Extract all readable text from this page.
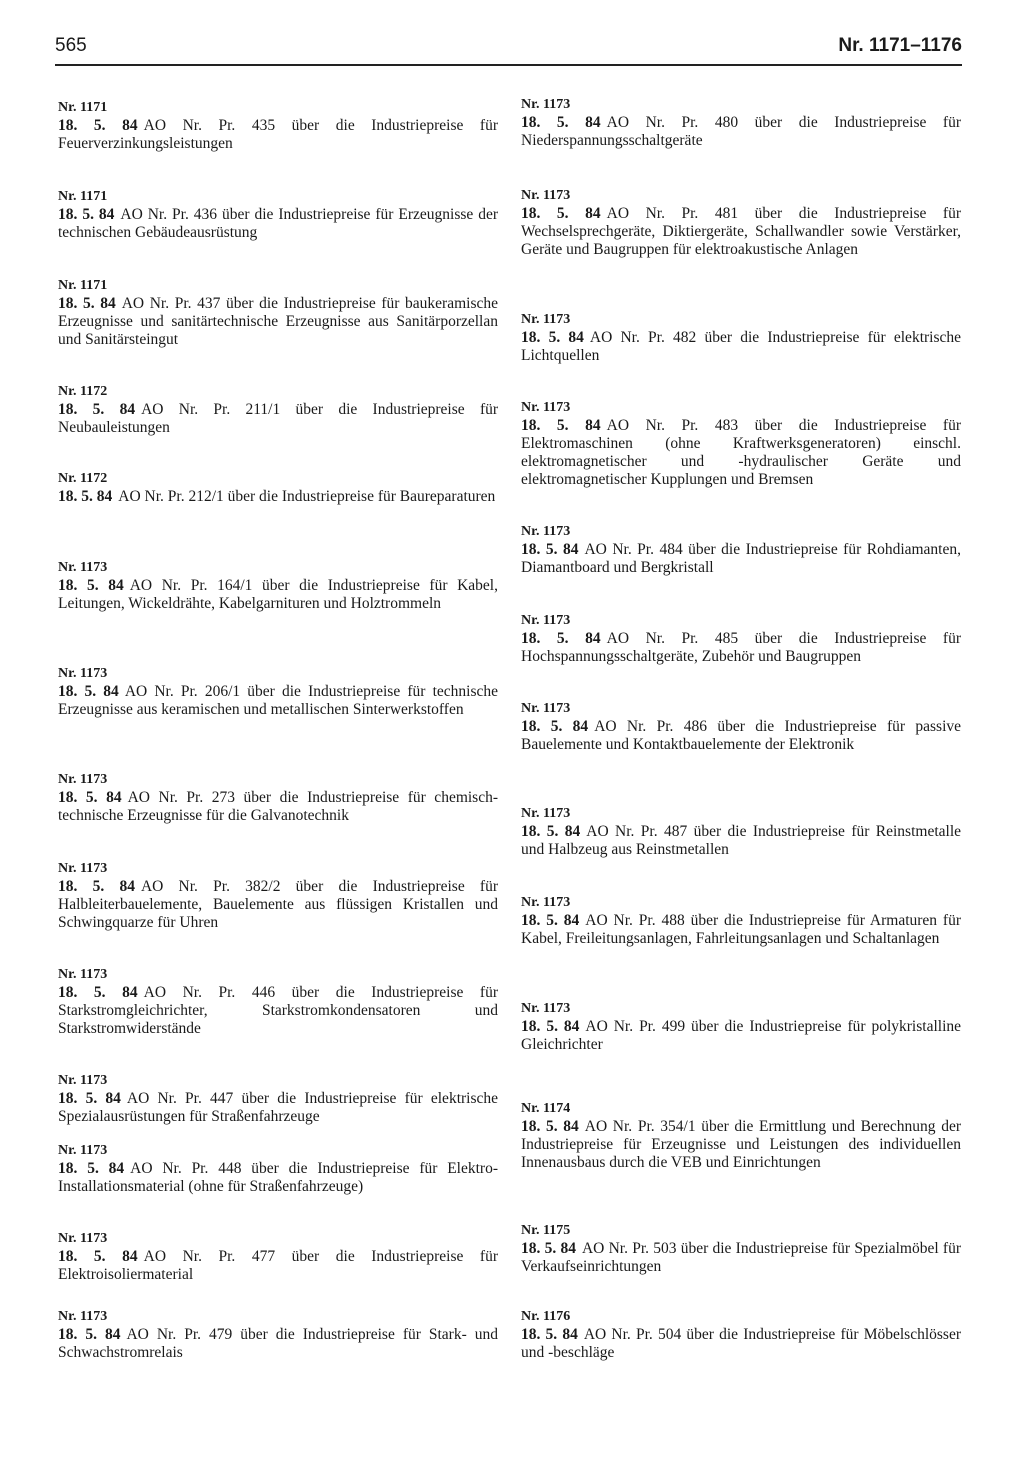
565	Nr. 1171–1176
Nr. 1171
18. 5. 84 AO Nr. Pr. 435 über die Industriepreise für Feuerverzinkungsleistungen
Nr. 1171
18. 5. 84 AO Nr. Pr. 436 über die Industriepreise für Erzeugnisse der technischen Gebäudeausrüstung
Nr. 1171
18. 5. 84 AO Nr. Pr. 437 über die Industriepreise für baukeramische Erzeugnisse und sanitärtechnische Erzeugnisse aus Sanitärporzellan und Sanitärsteingut
Nr. 1172
18. 5. 84 AO Nr. Pr. 211/1 über die Industriepreise für Neubauleistungen
Nr. 1172
18. 5. 84 AO Nr. Pr. 212/1 über die Industriepreise für Baureparaturen
Nr. 1173
18. 5. 84 AO Nr. Pr. 164/1 über die Industriepreise für Kabel, Leitungen, Wickeldrähte, Kabelgarnituren und Holztrommeln
Nr. 1173
18. 5. 84 AO Nr. Pr. 206/1 über die Industriepreise für technische Erzeugnisse aus keramischen und metallischen Sinterwerkstoffen
Nr. 1173
18. 5. 84 AO Nr. Pr. 273 über die Industriepreise für chemisch-technische Erzeugnisse für die Galvanotechnik
Nr. 1173
18. 5. 84 AO Nr. Pr. 382/2 über die Industriepreise für Halbleiterbauelemente, Bauelemente aus flüssigen Kristallen und Schwingquarze für Uhren
Nr. 1173
18. 5. 84 AO Nr. Pr. 446 über die Industriepreise für Starkstromgleichrichter, Starkstromkondensatoren und Starkstromwiderstände
Nr. 1173
18. 5. 84 AO Nr. Pr. 447 über die Industriepreise für elektrische Spezialausrüstungen für Straßenfahrzeuge
Nr. 1173
18. 5. 84 AO Nr. Pr. 448 über die Industriepreise für Elektro-Installationsmaterial (ohne für Straßenfahrzeuge)
Nr. 1173
18. 5. 84 AO Nr. Pr. 477 über die Industriepreise für Elektroisoliermaterial
Nr. 1173
18. 5. 84 AO Nr. Pr. 479 über die Industriepreise für Stark- und Schwachstromrelais
Nr. 1173
18. 5. 84 AO Nr. Pr. 480 über die Industriepreise für Niederspannungsschaltgeräte
Nr. 1173
18. 5. 84 AO Nr. Pr. 481 über die Industriepreise für Wechselsprechgeräte, Diktiergeräte, Schallwandler sowie Verstärker, Geräte und Baugruppen für elektroakustische Anlagen
Nr. 1173
18. 5. 84 AO Nr. Pr. 482 über die Industriepreise für elektrische Lichtquellen
Nr. 1173
18. 5. 84 AO Nr. Pr. 483 über die Industriepreise für Elektromaschinen (ohne Kraftwerksgeneratoren) einschl. elektromagnetischer und -hydraulischer Geräte und elektromagnetischer Kupplungen und Bremsen
Nr. 1173
18. 5. 84 AO Nr. Pr. 484 über die Industriepreise für Rohdiamanten, Diamantboard und Bergkristall
Nr. 1173
18. 5. 84 AO Nr. Pr. 485 über die Industriepreise für Hochspannungsschaltgeräte, Zubehör und Baugruppen
Nr. 1173
18. 5. 84 AO Nr. Pr. 486 über die Industriepreise für passive Bauelemente und Kontaktbauelemente der Elektronik
Nr. 1173
18. 5. 84 AO Nr. Pr. 487 über die Industriepreise für Reinstmetalle und Halbzeug aus Reinstmetallen
Nr. 1173
18. 5. 84 AO Nr. Pr. 488 über die Industriepreise für Armaturen für Kabel, Freileitungsanlagen, Fahrleitungsanlagen und Schaltanlagen
Nr. 1173
18. 5. 84 AO Nr. Pr. 499 über die Industriepreise für polykristalline Gleichrichter
Nr. 1174
18. 5. 84 AO Nr. Pr. 354/1 über die Ermittlung und Berechnung der Industriepreise für Erzeugnisse und Leistungen des individuellen Innenausbaus durch die VEB und Einrichtungen
Nr. 1175
18. 5. 84 AO Nr. Pr. 503 über die Industriepreise für Spezialmöbel für Verkaufseinrichtungen
Nr. 1176
18. 5. 84 AO Nr. Pr. 504 über die Industriepreise für Möbelschlösser und -beschläge
